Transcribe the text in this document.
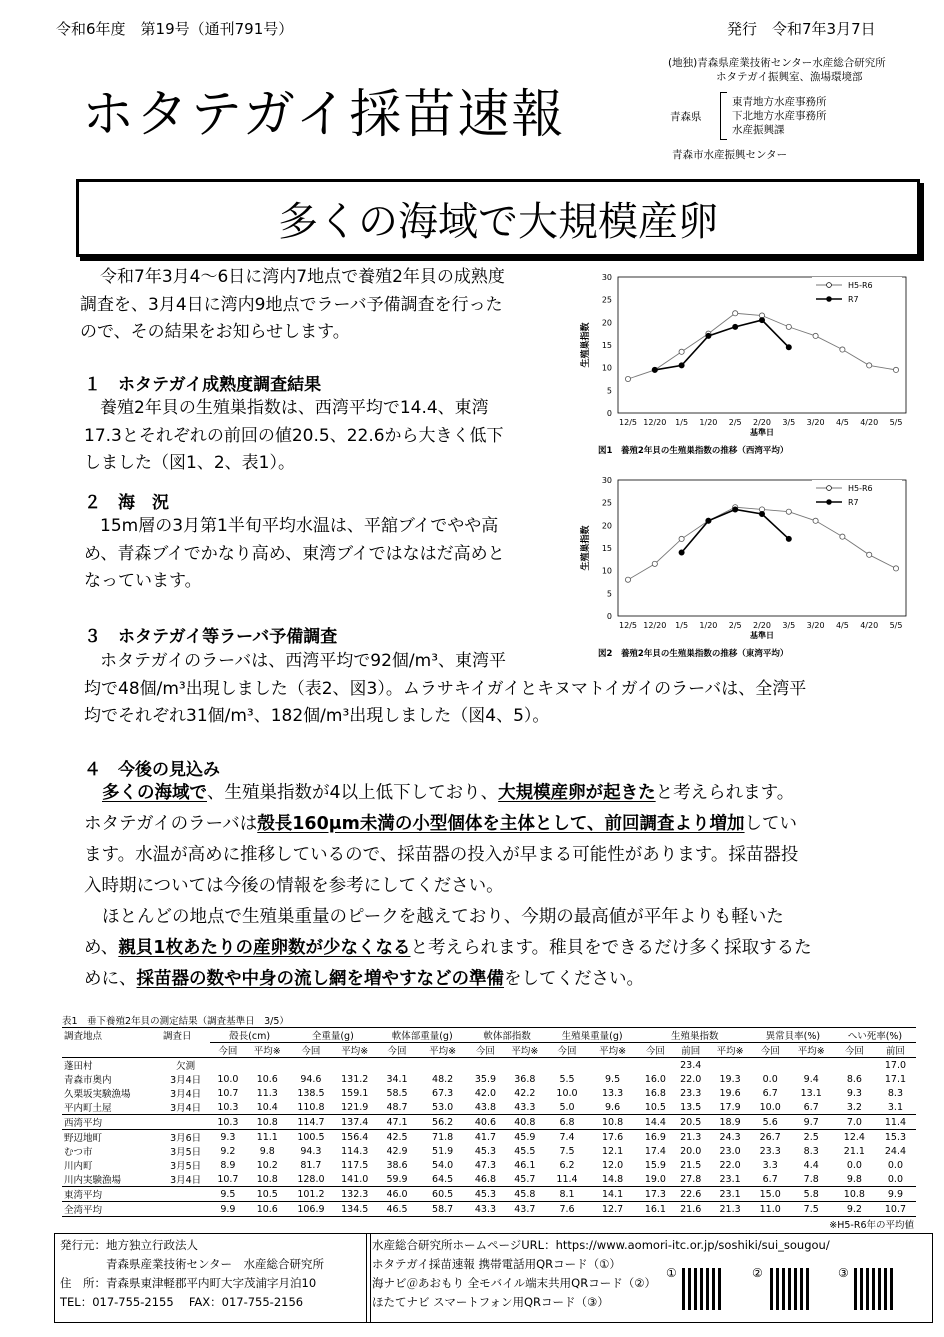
令和6年度　第19号（通刊791号）	発行　令和7年3月7日
ホタテガイ採苗速報
(地独)青森県産業技術センター水産総合研究所
ホタテガイ振興室、漁場環境部
青森県
東青地方水産事務所
下北地方水産事務所
水産振興課
青森市水産振興センター
多くの海域で大規模産卵
令和7年3月4～6日に湾内7地点で養殖2年貝の成熟度
調査を、3月4日に湾内9地点でラーバ予備調査を行った
ので、その結果をお知らせします。
１　ホタテガイ成熟度調査結果
養殖2年貝の生殖巣指数は、西湾平均で14.4、東湾
17.3とそれぞれの前回の値20.5、22.6から大きく低下
しました（図1、2、表1）。
２　海　況
15m層の3月第1半旬平均水温は、平舘ブイでやや高
め、青森ブイでかなり高め、東湾ブイではなはだ高めと
なっています。
３　ホタテガイ等ラーバ予備調査
ホタテガイのラーバは、西湾平均で92個/m³、東湾平
均で48個/m³出現しました（表2、図3）。ムラサキイガイとキヌマトイガイのラーバは、全湾平
均でそれぞれ31個/m³、182個/m³出現しました（図4、5）。
４　今後の見込み
多くの海域で、生殖巣指数が4以上低下しており、大規模産卵が起きたと考えられます。
ホタテガイのラーバは殻長160μm未満の小型個体を主体として、前回調査より増加してい
ます。水温が高めに推移しているので、採苗器の投入が早まる可能性があります。採苗器投
入時期については今後の情報を参考にしてください。
ほとんどの地点で生殖巣重量のピークを越えており、今期の最高値が平年よりも軽いた
め、親貝1枚あたりの産卵数が少なくなると考えられます。稚貝をできるだけ多く採取するた
めに、採苗器の数や中身の流し網を増やすなどの準備をしてください。
0
5
10
15
20
25
30
12/5 12/20 1/5 1/20 2/5 2/20 3/5 3/20 4/5 4/20 5/5
基準日
生殖巣指数
H5-R6
R7
図1　養殖2年貝の生殖巣指数の推移（西湾平均）
0
5
10
15
20
25
30
12/5 12/20 1/5 1/20 2/5 2/20 3/5 3/20 4/5 4/20 5/5
基準日
生殖巣指数
H5-R6
R7
図2　養殖2年貝の生殖巣指数の推移（東湾平均）
表1　垂下養殖2年貝の測定結果（調査基準日　3/5）
調査地点	調査日	殻長(cm)		全重量(g)		軟体部重量(g)		軟体部指数		生殖巣重量(g)		生殖巣指数			異常貝率(%)		へい死率(%)	
		今回	平均※	今回	平均※	今回	平均※	今回	平均※	今回	平均※	今回	前回	平均※	今回	平均※	今回	前回
蓬田村	欠測												23.4					17.0
青森市奥内	3月4日	10.0	10.6	94.6	131.2	34.1	48.2	35.9	36.8	5.5	9.5	16.0	22.0	19.3	0.0	9.4	8.6	17.1
久栗坂実験漁場	3月4日	10.7	11.3	138.5	159.1	58.5	67.3	42.0	42.2	10.0	13.3	16.8	23.3	19.6	6.7	13.1	9.3	8.3
平内町土屋	3月4日	10.3	10.4	110.8	121.9	48.7	53.0	43.8	43.3	5.0	9.6	10.5	13.5	17.9	10.0	6.7	3.2	3.1
西湾平均		10.3	10.8	114.7	137.4	47.1	56.2	40.6	40.8	6.8	10.8	14.4	20.5	18.9	5.6	9.7	7.0	11.4
野辺地町	3月6日	9.3	11.1	100.5	156.4	42.5	71.8	41.7	45.9	7.4	17.6	16.9	21.3	24.3	26.7	2.5	12.4	15.3
むつ市	3月5日	9.2	9.8	94.3	114.3	42.9	51.9	45.3	45.5	7.5	12.1	17.4	20.0	23.0	23.3	8.3	21.1	24.4
川内町	3月5日	8.9	10.2	81.7	117.5	38.6	54.0	47.3	46.1	6.2	12.0	15.9	21.5	22.0	3.3	4.4	0.0	0.0
川内実験漁場	3月4日	10.7	10.8	128.0	141.0	59.9	64.5	46.8	45.7	11.4	14.8	19.0	27.8	23.1	6.7	7.8	9.8	0.0
東湾平均		9.5	10.5	101.2	132.3	46.0	60.5	45.3	45.8	8.1	14.1	17.3	22.6	23.1	15.0	5.8	10.8	9.9
全湾平均		9.9	10.6	106.9	134.5	46.5	58.7	43.3	43.7	7.6	12.7	16.1	21.6	21.3	11.0	7.5	9.2	10.7
※H5-R6年の平均値																		
発行元：地方独立行政法人
　　　　青森県産業技術センター　水産総合研究所
住　所：青森県東津軽郡平内町大字茂浦字月泊10
TEL：017-755-2155　 FAX：017-755-2156
水産総合研究所ホームページURL：https://www.aomori-itc.or.jp/soshiki/sui_sougou/
ホタテガイ採苗速報 携帯電話用QRコード（①）
海ナビ＠あおもり 全モバイル端末共用QRコード（②）
ほたてナビ スマートフォン用QRコード（③）
①	②	③
